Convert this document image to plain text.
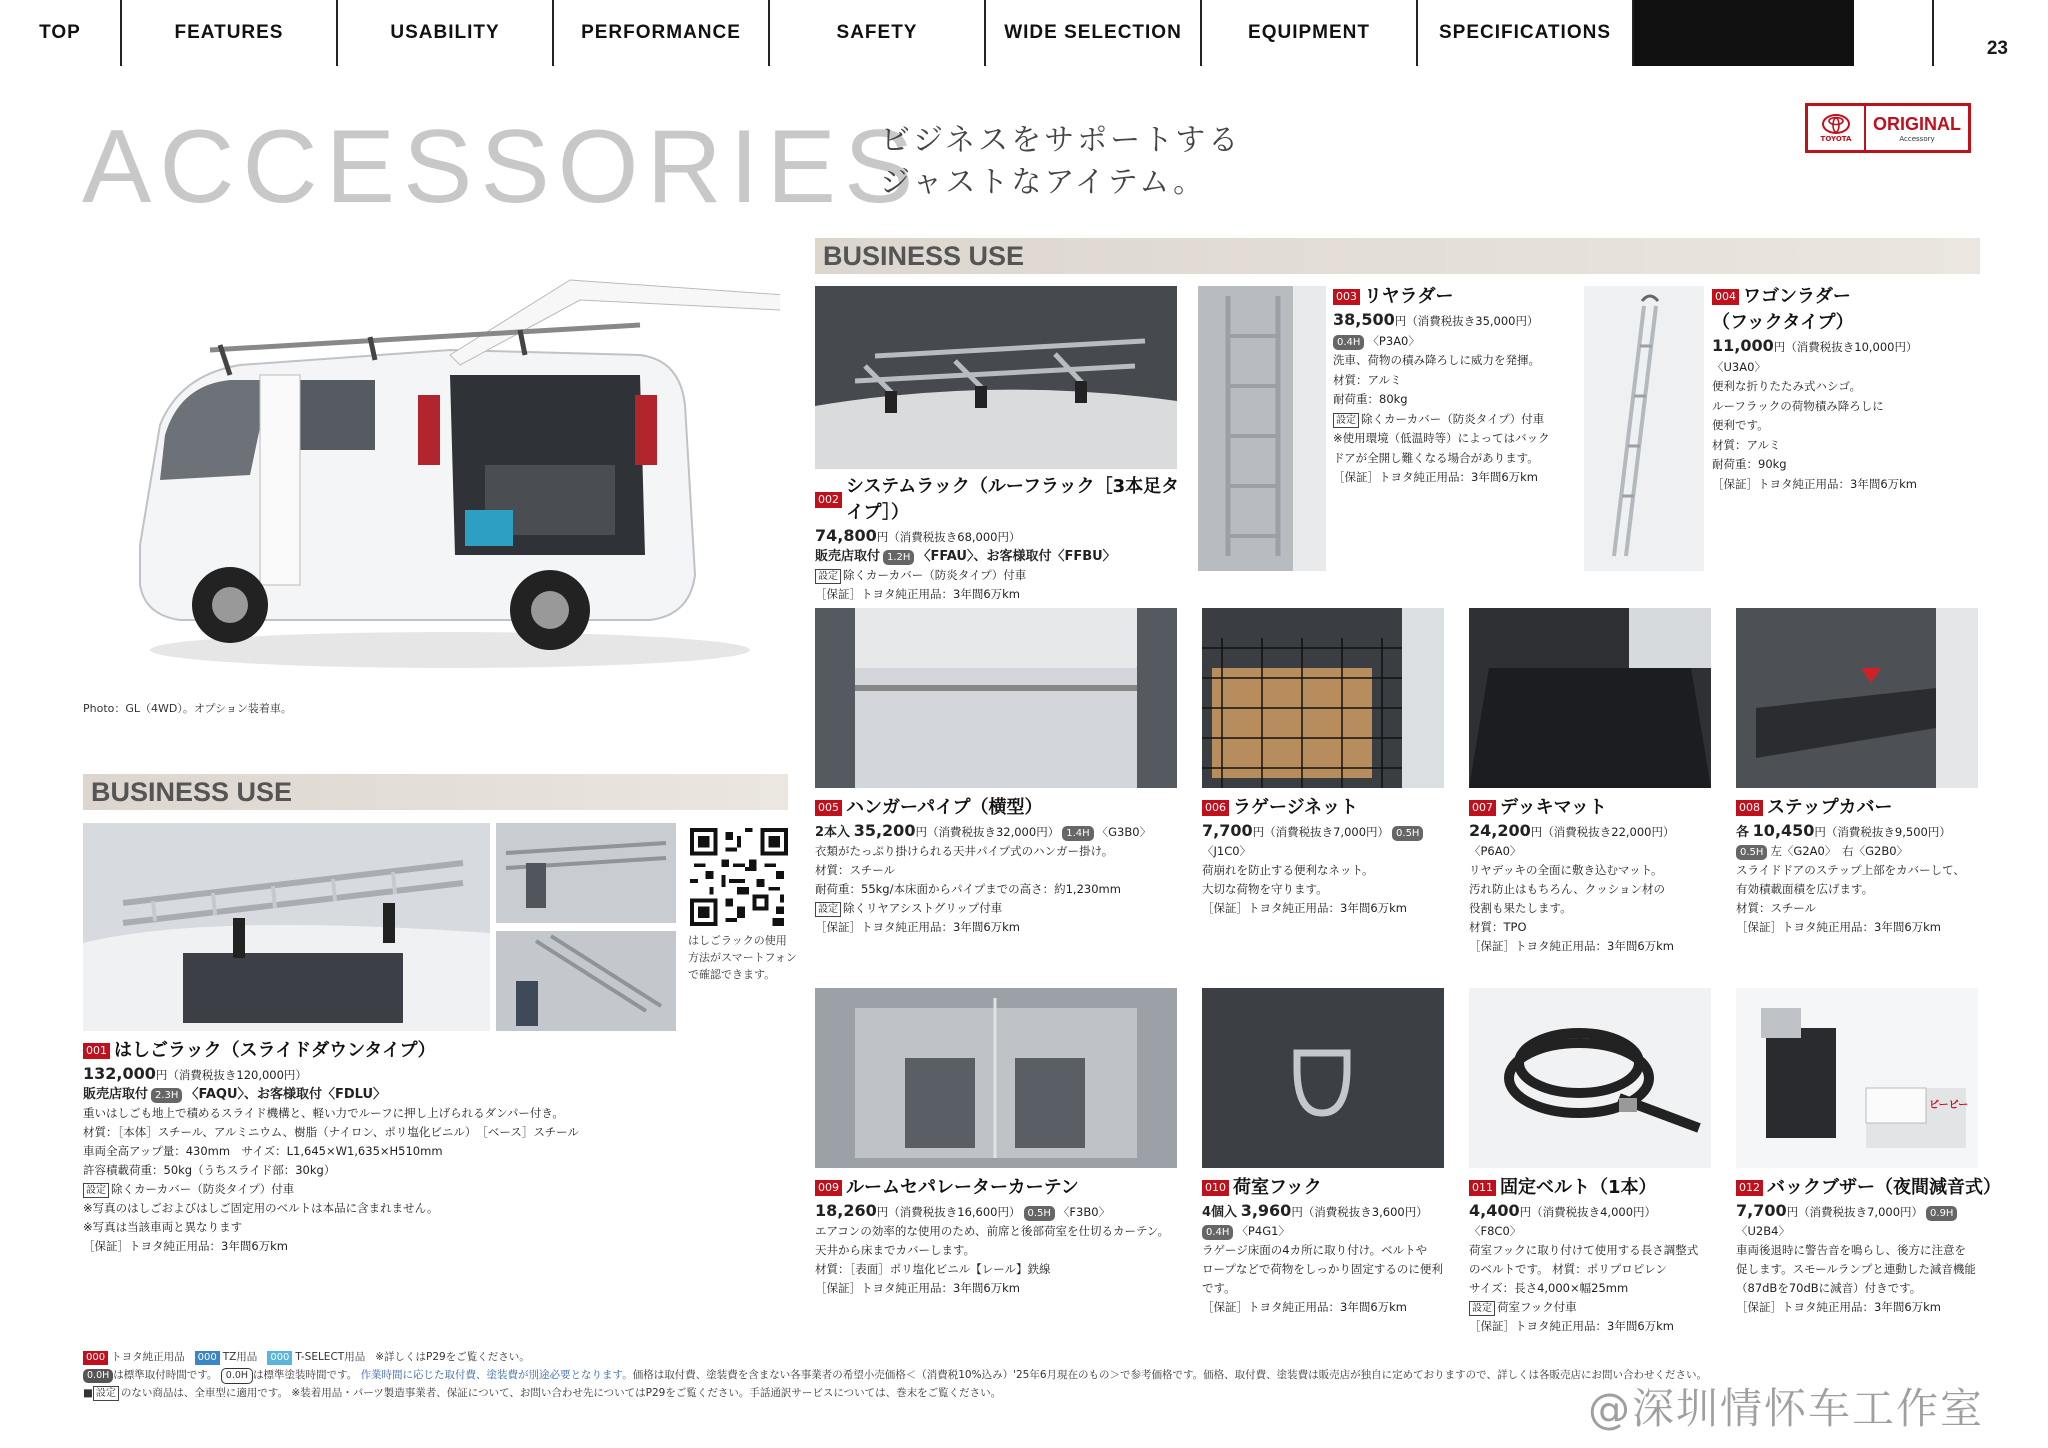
TOP	FEATURES	USABILITY	PERFORMANCE	SAFETY	WIDE SELECTION	EQUIPMENT	SPECIFICATIONS
23
ACCESSORIES
ビジネスをサポートする
ジャストなアイテム。
TOYOTA
ORIGINAL
Accessory
Photo：GL（4WD）。オプション装着車。
BUSINESS USE
BUSINESS USE
はしごラックの使用
方法がスマートフォン
で確認できます。
001 はしごラック（スライドダウンタイプ）
132,000円（消費税抜き120,000円）
販売店取付 2.3H 〈FAQU〉、お客様取付〈FDLU〉
重いはしごも地上で積めるスライド機構と、軽い力でルーフに押し上げられるダンパー付き。
材質：［本体］スチール、アルミニウム、樹脂（ナイロン、ポリ塩化ビニル）　［ベース］スチール
車両全高アップ量：430mm　サイズ：L1,645×W1,635×H510mm
許容積載荷重：50kg（うちスライド部：30kg）
設定 除くカーカバー（防炎タイプ）付車
※写真のはしごおよびはしご固定用のベルトは本品に含まれません。
※写真は当該車両と異なります
［保証］トヨタ純正用品：3年間6万km
002
システムラック（ルーフラック［3本足タイプ］）
74,800円（消費税抜き68,000円）
販売店取付 1.2H 〈FFAU〉、お客様取付〈FFBU〉
設定 除くカーカバー（防炎タイプ）付車
［保証］トヨタ純正用品：3年間6万km
003 リヤラダー
38,500円（消費税抜き35,000円）
0.4H 〈P3A0〉
洗車、荷物の積み降ろしに威力を発揮。
材質：アルミ
耐荷重：80kg
設定 除くカーカバー（防炎タイプ）付車
※使用環境（低温時等）によってはバック
ドアが全開し難くなる場合があります。
［保証］トヨタ純正用品：3年間6万km
004 ワゴンラダー
（フックタイプ）
11,000円（消費税抜き10,000円）
〈U3A0〉
便利な折りたたみ式ハシゴ。
ルーフラックの荷物積み降ろしに
便利です。
材質：アルミ
耐荷重：90kg
［保証］トヨタ純正用品：3年間6万km
005 ハンガーパイプ（横型）
2本入 35,200円（消費税抜き32,000円） 1.4H 〈G3B0〉
衣類がたっぷり掛けられる天井パイプ式のハンガー掛け。
材質：スチール
耐荷重：55kg/本床面からパイプまでの高さ：約1,230mm
設定 除くリヤアシストグリップ付車
［保証］トヨタ純正用品：3年間6万km
006 ラゲージネット
7,700円（消費税抜き7,000円） 0.5H
〈J1C0〉
荷崩れを防止する便利なネット。
大切な荷物を守ります。
［保証］トヨタ純正用品：3年間6万km
007 デッキマット
24,200円（消費税抜き22,000円）
〈P6A0〉
リヤデッキの全面に敷き込むマット。
汚れ防止はもちろん、クッション材の
役割も果たします。
材質：TPO
［保証］トヨタ純正用品：3年間6万km
008 ステップカバー
各 10,450円（消費税抜き9,500円）
0.5H 左〈G2A0〉　右〈G2B0〉
スライドドアのステップ上部をカバーして、
有効積載面積を広げます。
材質：スチール
［保証］トヨタ純正用品：3年間6万km
ピーピー
009 ルームセパレーターカーテン
18,260円（消費税抜き16,600円） 0.5H 〈F3B0〉
エアコンの効率的な使用のため、前席と後部荷室を仕切るカーテン。
天井から床までカバーします。
材質：［表面］ポリ塩化ビニル【レール】鉄線
［保証］トヨタ純正用品：3年間6万km
010 荷室フック
4個入 3,960円（消費税抜き3,600円）
0.4H 〈P4G1〉
ラゲージ床面の4カ所に取り付け。ベルトや
ロープなどで荷物をしっかり固定するのに便利
です。
［保証］トヨタ純正用品：3年間6万km
011 固定ベルト（1本）
4,400円（消費税抜き4,000円）
〈F8C0〉
荷室フックに取り付けて使用する長さ調整式
のベルトです。 材質：ポリプロピレン
サイズ：長さ4,000×幅25mm
設定 荷室フック付車
［保証］トヨタ純正用品：3年間6万km
012 バックブザー（夜間減音式）
7,700円（消費税抜き7,000円） 0.9H
〈U2B4〉
車両後退時に警告音を鳴らし、後方に注意を
促します。スモールランプと連動した減音機能
（87dBを70dBに減音）付きです。
［保証］トヨタ純正用品：3年間6万km
000 トヨタ純正用品 000 TZ用品 000 T-SELECT用品 ※詳しくはP29をご覧ください。
0.0H は標準取付時間です。 0.0H は標準塗装時間です。 作業時間に応じた取付費、塗装費が別途必要となります。価格は取付費、塗装費を含まない各事業者の希望小売価格＜（消費税10%込み）'25年6月現在のもの＞で参考価格です。価格、取付費、塗装費は販売店が独自に定めておりますので、詳しくは各販売店にお問い合わせください。
■ 設定 のない商品は、全車型に適用です。 ※装着用品・パーツ製造事業者、保証について、お問い合わせ先についてはP29をご覧ください。手話通訳サービスについては、巻末をご覧ください。	@深圳情怀车工作室
